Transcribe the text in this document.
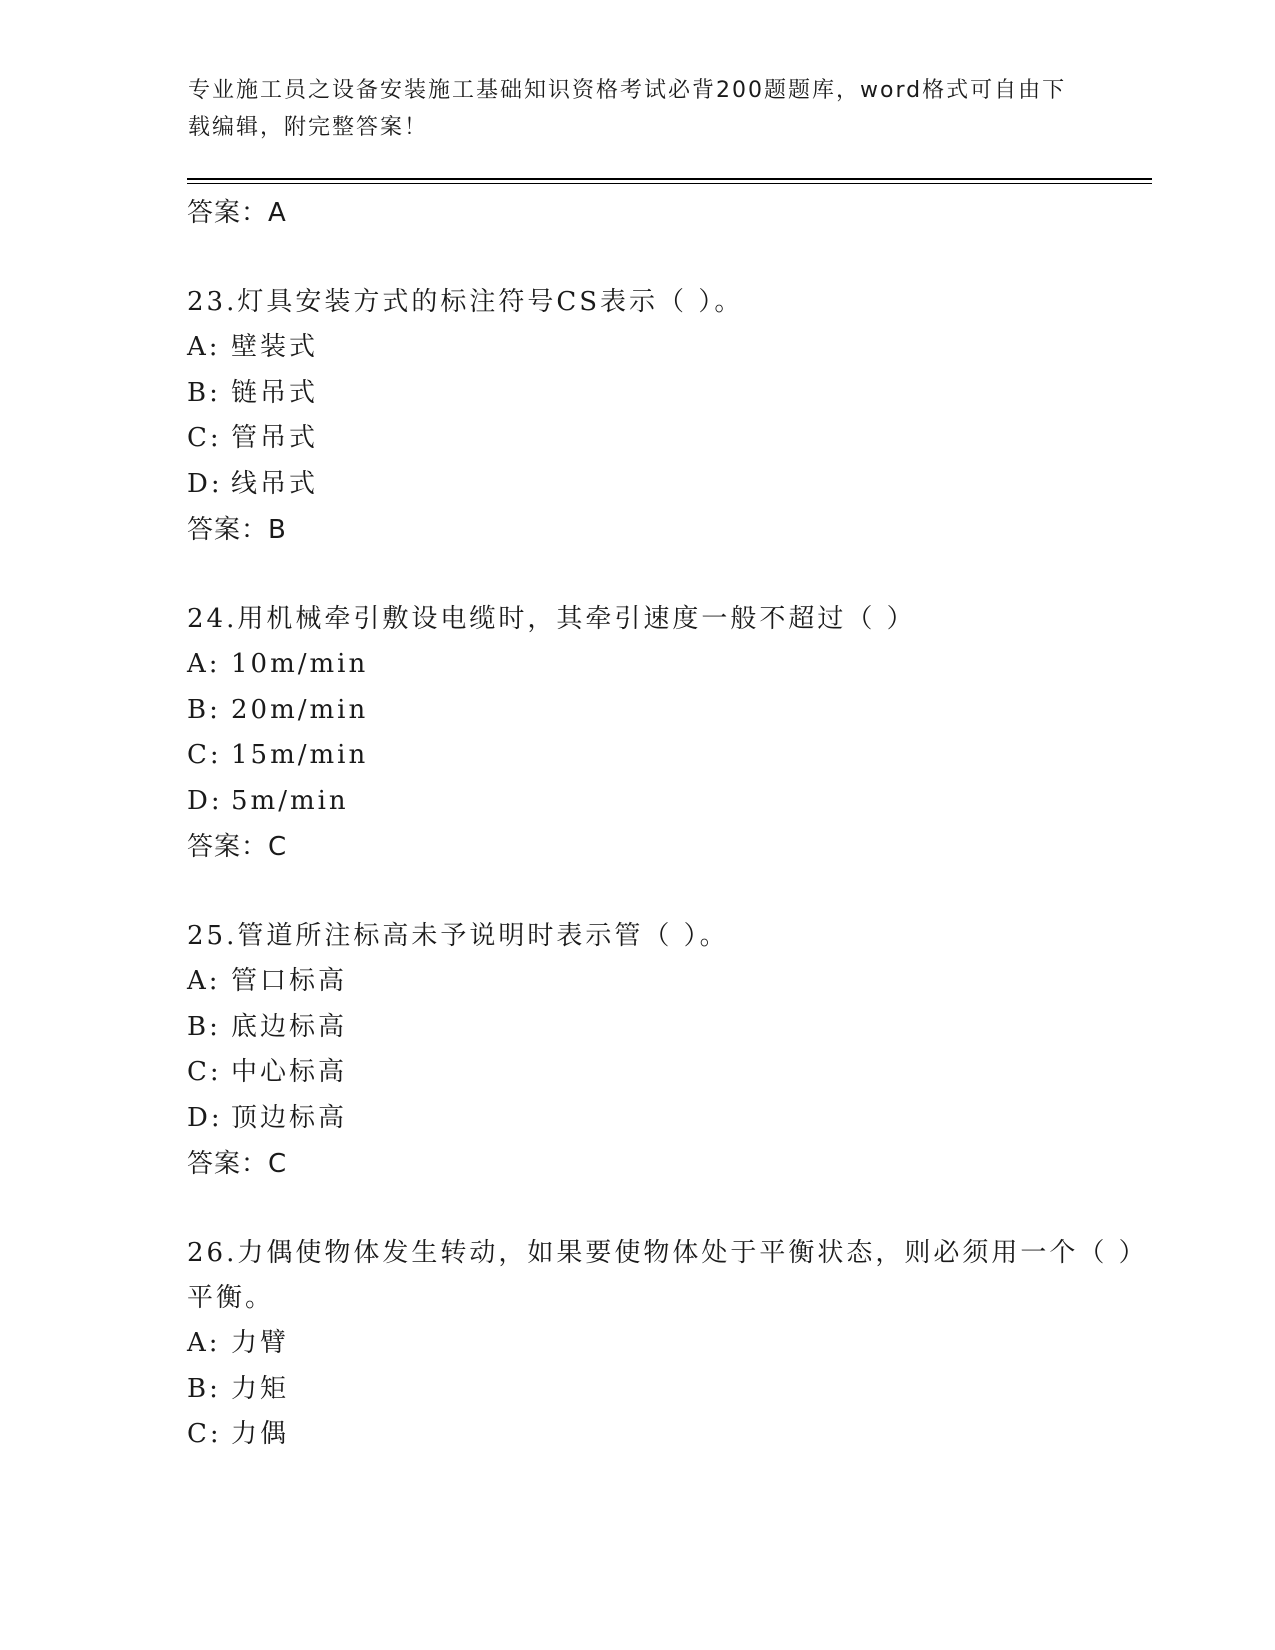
专业施工员之设备安装施工基础知识资格考试必背200题题库，word格式可自由下载编辑，附完整答案！
答案：A
23.灯具安装方式的标注符号CS表示（ ）。
A: 壁装式
B: 链吊式
C: 管吊式
D: 线吊式
答案：B
24.用机械牵引敷设电缆时，其牵引速度一般不超过（ ）
A: 10m/min
B: 20m/min
C: 15m/min
D: 5m/min
答案：C
25.管道所注标高未予说明时表示管（ ）。
A: 管口标高
B: 底边标高
C: 中心标高
D: 顶边标高
答案：C
26.力偶使物体发生转动，如果要使物体处于平衡状态，则必须用一个（ ）平衡。
A: 力臂
B: 力矩
C: 力偶
